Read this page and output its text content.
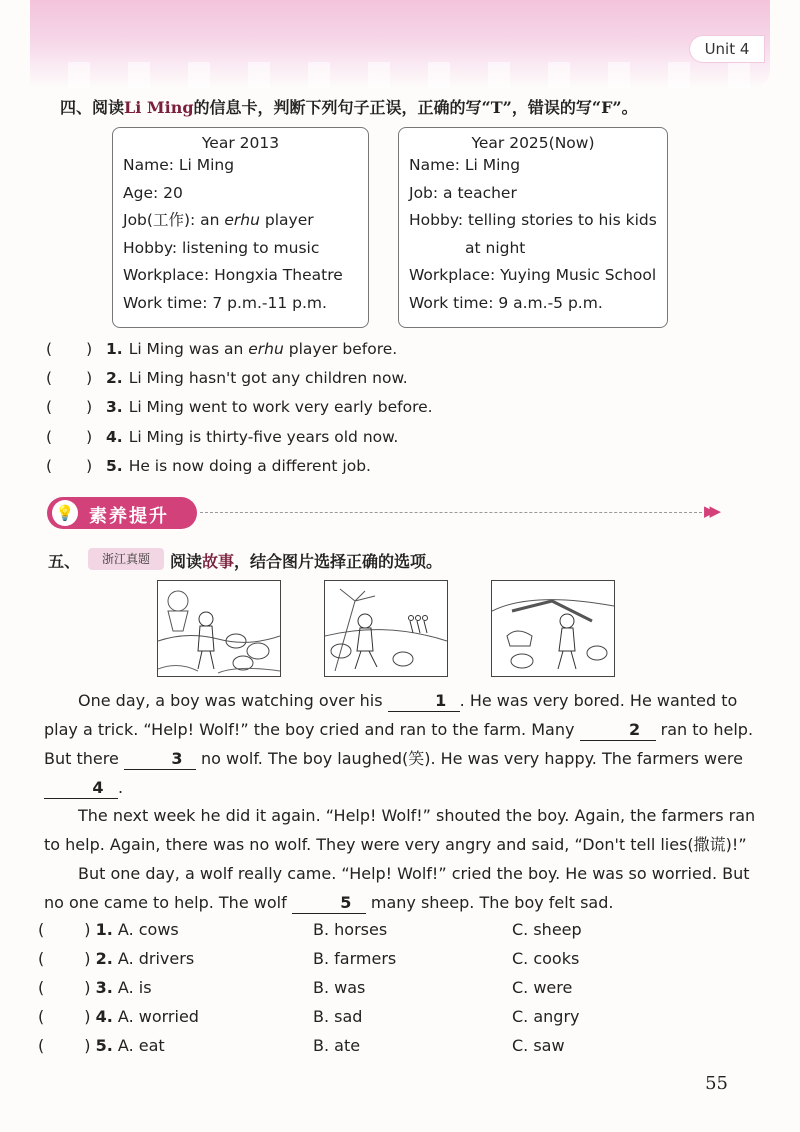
Unit 4
四、阅读Li Ming的信息卡，判断下列句子正误，正确的写“T”，错误的写“F”。
Year 2013
Name: Li Ming
Age: 20
Job(工作): an erhu player
Hobby: listening to music
Workplace: Hongxia Theatre
Work time: 7 p.m.-11 p.m.
Year 2025(Now)
Name: Li Ming
Job: a teacher
Hobby: telling stories to his kids
at night
Workplace: Yuying Music School
Work time: 9 a.m.-5 p.m.
( ) 1. Li Ming was an erhu player before.
( ) 2. Li Ming hasn't got any children now.
( ) 3. Li Ming went to work very early before.
( ) 4. Li Ming is thirty-five years old now.
( ) 5. He is now doing a different job.
💡 素养提升	▶▶
五、	浙江真题	阅读故事，结合图片选择正确的选项。
One day, a boy was watching over his	1 . He was very bored. He wanted to play a trick. “Help! Wolf!” the boy cried and ran to the farm. Many	2 ran to help. But there	3 no wolf. The boy laughed(笑). He was very happy. The farmers were 4 .
The next week he did it again. “Help! Wolf!” shouted the boy. Again, the farmers ran to help. Again, there was no wolf. They were very angry and said, “Don't tell lies(撒谎)!”
But one day, a wolf really came. “Help! Wolf!” cried the boy. He was so worried. But no one came to help. The wolf	5 many sheep. The boy felt sad.
(	) 1. A. cows	B. horses	C. sheep
(	) 2. A. drivers	B. farmers	C. cooks
(	) 3. A. is	B. was	C. were
(	) 4. A. worried	B. sad	C. angry
(	) 5. A. eat	B. ate	C. saw
55
